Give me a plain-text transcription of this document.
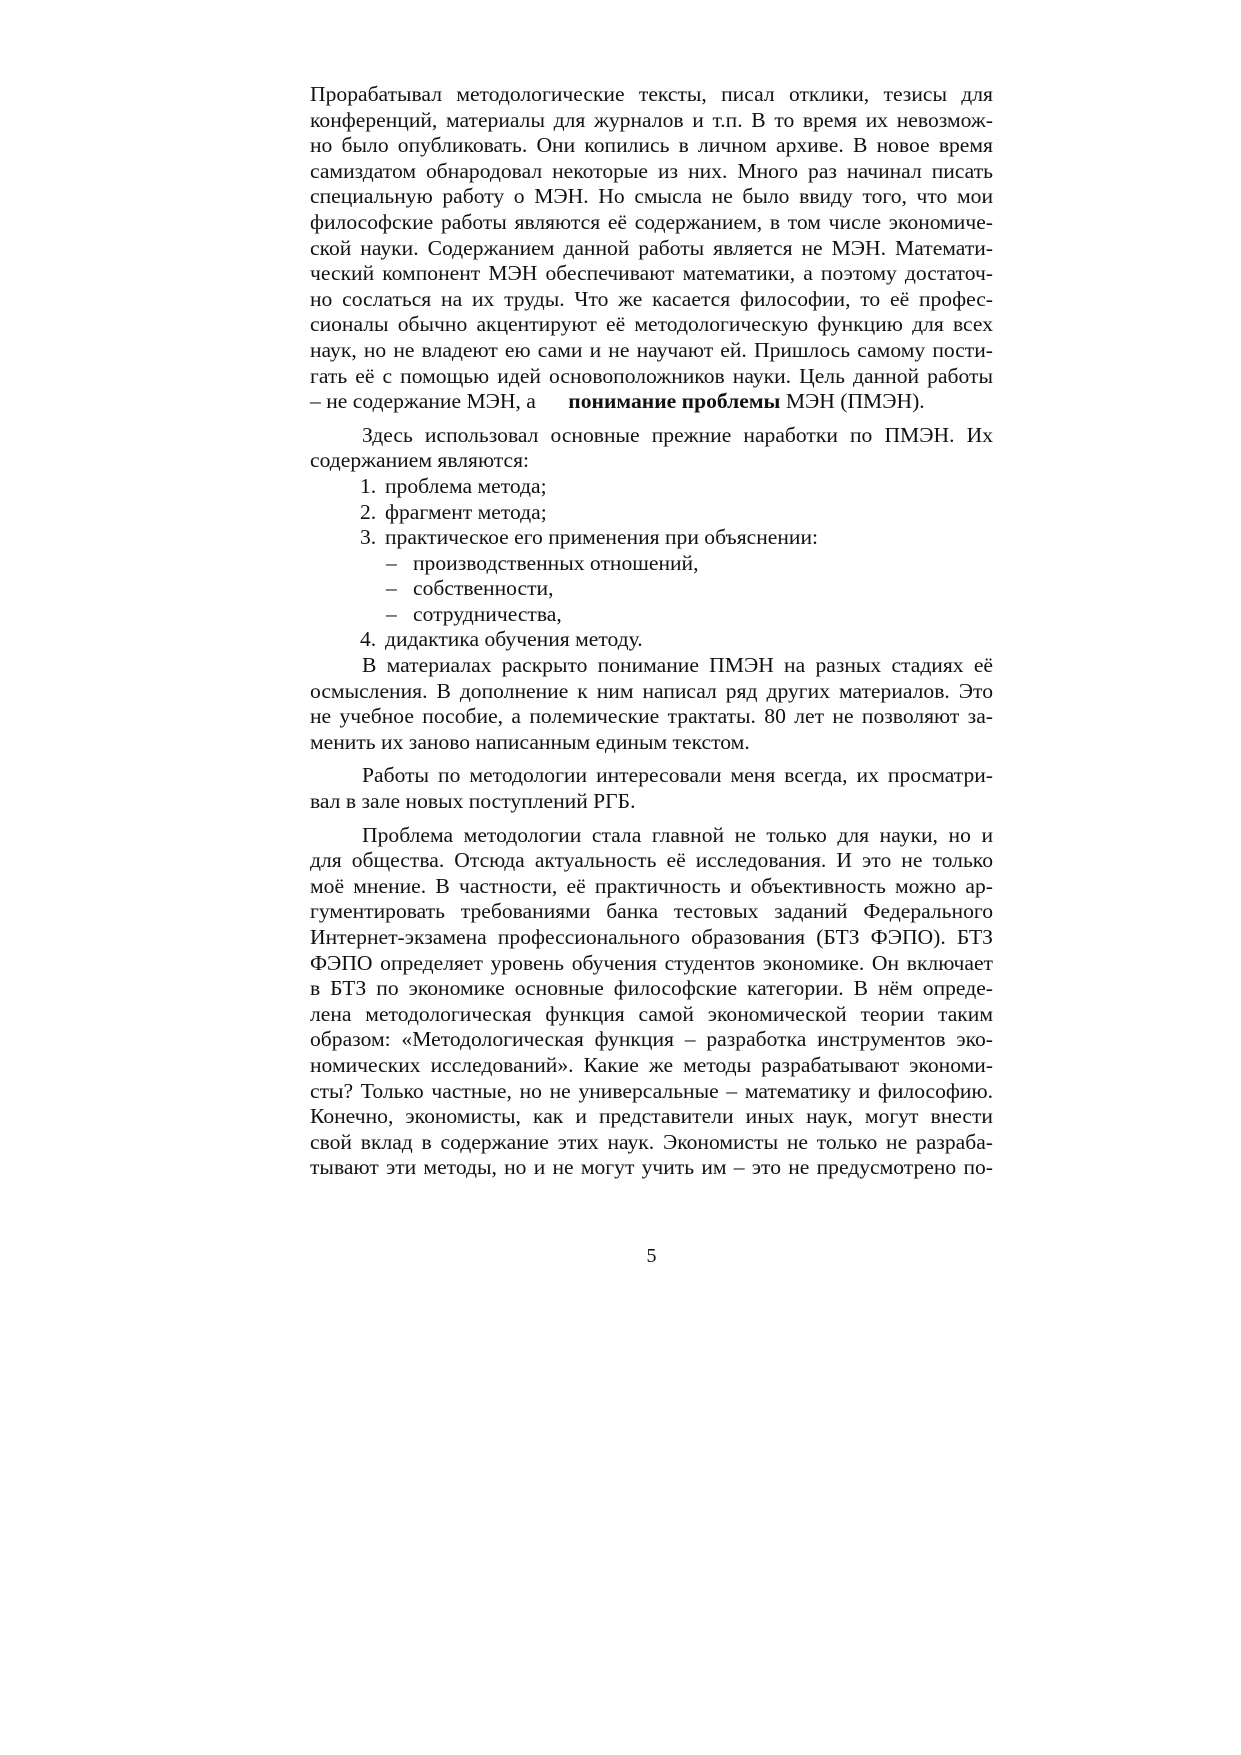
Прорабатывал методологические тексты, писал отклики, тезисы для
конференций, материалы для журналов и т.п. В то время их невозмож-
но было опубликовать. Они копились в личном архиве. В новое время
самиздатом обнародовал некоторые из них. Много раз начинал писать
специальную работу о МЭН. Но смысла не было ввиду того, что мои
философские работы являются её содержанием, в том числе экономиче-
ской науки. Содержанием данной работы является не МЭН. Математи-
ческий компонент МЭН обеспечивают математики, а поэтому достаточ-
но сослаться на их труды. Что же касается философии, то её профес-
сионалы обычно акцентируют её методологическую функцию для всех
наук, но не владеют ею сами и не научают ей. Пришлось самому пости-
гать её с помощью идей основоположников науки. Цель данной работы
– не содержание МЭН, а понимание проблемы МЭН (ПМЭН).
Здесь использовал основные прежние наработки по ПМЭН. Их
содержанием являются:
1. проблема метода;
2. фрагмент метода;
3. практическое его применения при объяснении:
– производственных отношений,
– собственности,
– сотрудничества,
4. дидактика обучения методу.
В материалах раскрыто понимание ПМЭН на разных стадиях её
осмысления. В дополнение к ним написал ряд других материалов. Это
не учебное пособие, а полемические трактаты. 80 лет не позволяют за-
менить их заново написанным единым текстом.
Работы по методологии интересовали меня всегда, их просматри-
вал в зале новых поступлений РГБ.
Проблема методологии стала главной не только для науки, но и
для общества. Отсюда актуальность её исследования. И это не только
моё мнение. В частности, её практичность и объективность можно ар-
гументировать требованиями банка тестовых заданий Федерального
Интернет-экзамена профессионального образования (БТЗ ФЭПО). БТЗ
ФЭПО определяет уровень обучения студентов экономике. Он включает
в БТЗ по экономике основные философские категории. В нём опреде-
лена методологическая функция самой экономической теории таким
образом: «Методологическая функция – разработка инструментов эко-
номических исследований». Какие же методы разрабатывают экономи-
сты? Только частные, но не универсальные – математику и философию.
Конечно, экономисты, как и представители иных наук, могут внести
свой вклад в содержание этих наук. Экономисты не только не разраба-
тывают эти методы, но и не могут учить им – это не предусмотрено по-
5
